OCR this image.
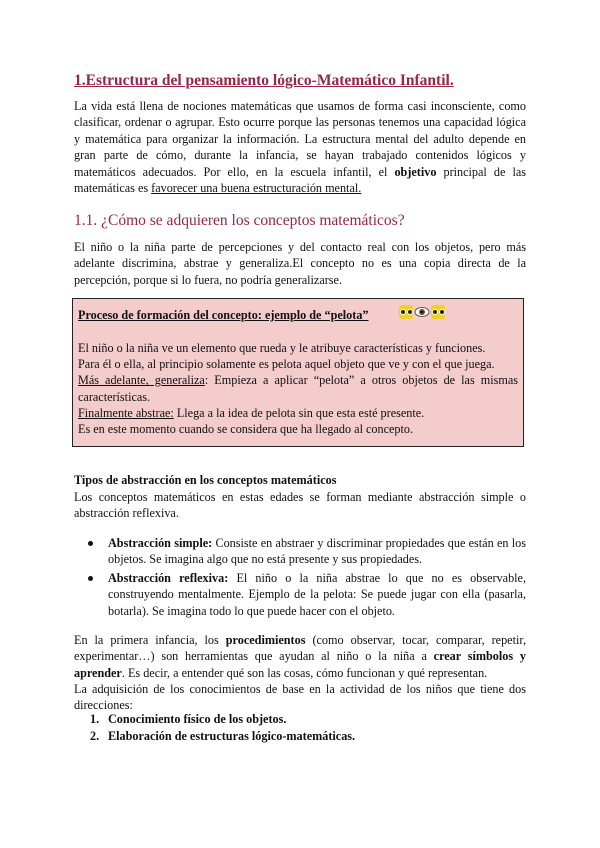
1.Estructura del pensamiento lógico-Matemático Infantil.

La vida está llena de nociones matemáticas que usamos de forma casi inconsciente, como clasificar, ordenar o agrupar. Esto ocurre porque las personas tenemos una capacidad lógica y matemática para organizar la información. La estructura mental del adulto depende en gran parte de cómo, durante la infancia, se hayan trabajado contenidos lógicos y matemáticos adecuados. Por ello, en la escuela infantil, el objetivo principal de las matemáticas es favorecer una buena estructuración mental.

1.1. ¿Cómo se adquieren los conceptos matemáticos?

El niño o la niña parte de percepciones y del contacto real con los objetos, pero más adelante discrimina, abstrae y generaliza.El concepto no es una copia directa de la percepción, porque si lo fuera, no podría generalizarse.

Proceso de formación del concepto: ejemplo de “pelota”

El niño o la niña ve un elemento que rueda y le atribuye características y funciones.

Para él o ella, al principio solamente es pelota aquel objeto que ve y con el que juega.

Más adelante, generaliza: Empieza a aplicar “pelota” a otros objetos de las mismas características.

Finalmente abstrae: Llega a la idea de pelota sin que esta esté presente.

Es en este momento cuando se considera que ha llegado al concepto.

Tipos de abstracción en los conceptos matemáticos

Los conceptos matemáticos en estas edades se forman mediante abstracción simple o abstracción reflexiva.

Abstracción simple: Consiste en abstraer y discriminar propiedades que están en los objetos. Se imagina algo que no está presente y sus propiedades.
Abstracción reflexiva: El niño o la niña abstrae lo que no es observable, construyendo mentalmente. Ejemplo de la pelota: Se puede jugar con ella (pasarla, botarla). Se imagina todo lo que puede hacer con el objeto.

En la primera infancia, los procedimientos (como observar, tocar, comparar, repetir, experimentar…) son herramientas que ayudan al niño o la niña a crear símbolos y aprender. Es decir, a entender qué son las cosas, cómo funcionan y qué representan.

La adquisición de los conocimientos de base en la actividad de los niños que tiene dos direcciones:

1. Conocimiento físico de los objetos.
2. Elaboración de estructuras lógico-matemáticas.
